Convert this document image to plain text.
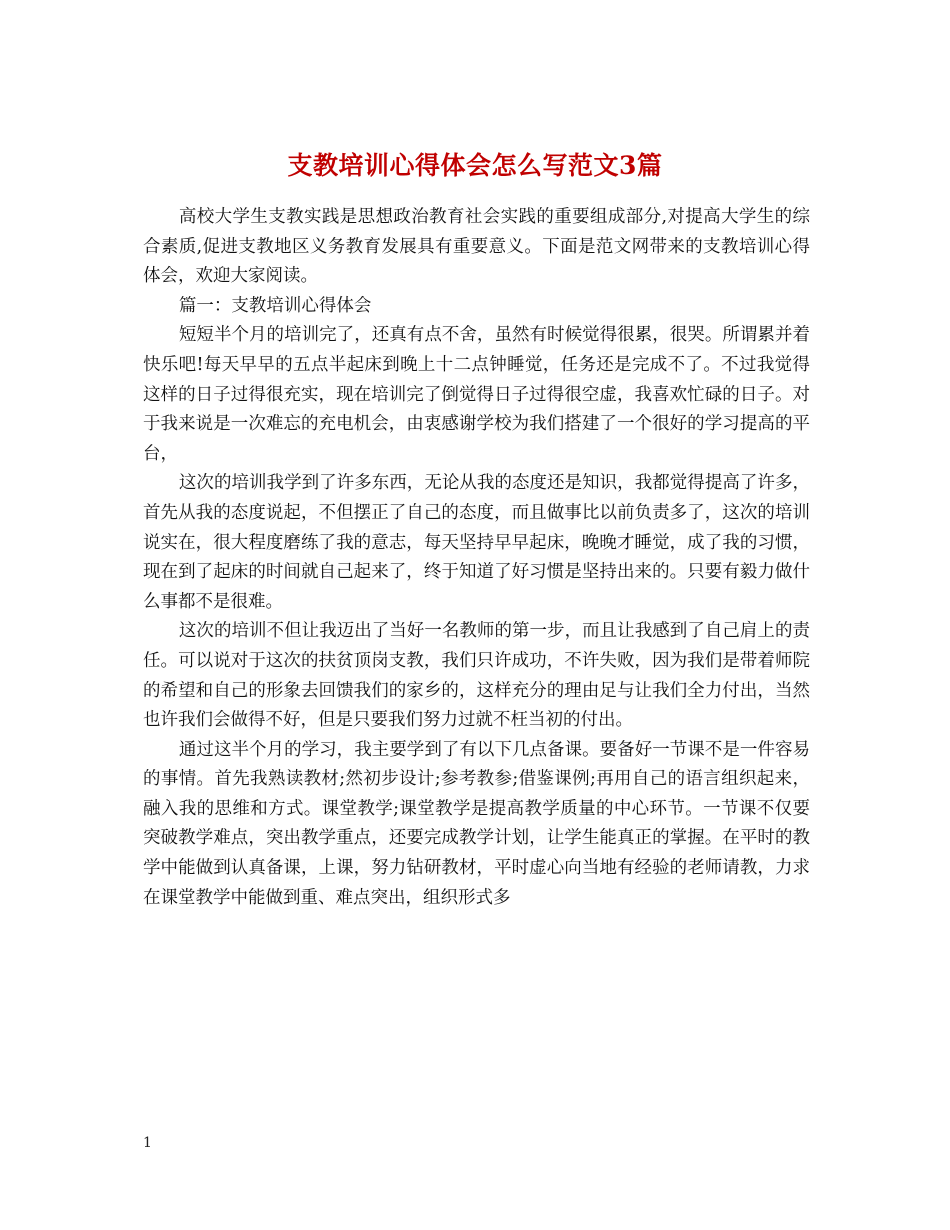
支教培训心得体会怎么写范文3篇

高校大学生支教实践是思想政治教育社会实践的重要组成部分,对提高大学生的综合素质,促进支教地区义务教育发展具有重要意义。下面是范文网带来的支教培训心得体会，欢迎大家阅读。

篇一：支教培训心得体会

短短半个月的培训完了，还真有点不舍，虽然有时候觉得很累，很哭。所谓累并着快乐吧!每天早早的五点半起床到晚上十二点钟睡觉，任务还是完成不了。不过我觉得这样的日子过得很充实，现在培训完了倒觉得日子过得很空虚，我喜欢忙碌的日子。对于我来说是一次难忘的充电机会，由衷感谢学校为我们搭建了一个很好的学习提高的平台，

这次的培训我学到了许多东西，无论从我的态度还是知识，我都觉得提高了许多，首先从我的态度说起，不但摆正了自己的态度，而且做事比以前负责多了，这次的培训说实在，很大程度磨练了我的意志，每天坚持早早起床，晚晚才睡觉，成了我的习惯，现在到了起床的时间就自己起来了，终于知道了好习惯是坚持出来的。只要有毅力做什么事都不是很难。

这次的培训不但让我迈出了当好一名教师的第一步，而且让我感到了自己肩上的责任。可以说对于这次的扶贫顶岗支教，我们只许成功，不许失败，因为我们是带着师院的希望和自己的形象去回馈我们的家乡的，这样充分的理由足与让我们全力付出，当然也许我们会做得不好，但是只要我们努力过就不枉当初的付出。

通过这半个月的学习，我主要学到了有以下几点备课。要备好一节课不是一件容易的事情。首先我熟读教材;然初步设计;参考教参;借鉴课例;再用自己的语言组织起来，融入我的思维和方式。课堂教学;课堂教学是提高教学质量的中心环节。一节课不仅要突破教学难点，突出教学重点，还要完成教学计划，让学生能真正的掌握。在平时的教学中能做到认真备课，上课，努力钻研教材，平时虚心向当地有经验的老师请教，力求在课堂教学中能做到重、难点突出，组织形式多

1
